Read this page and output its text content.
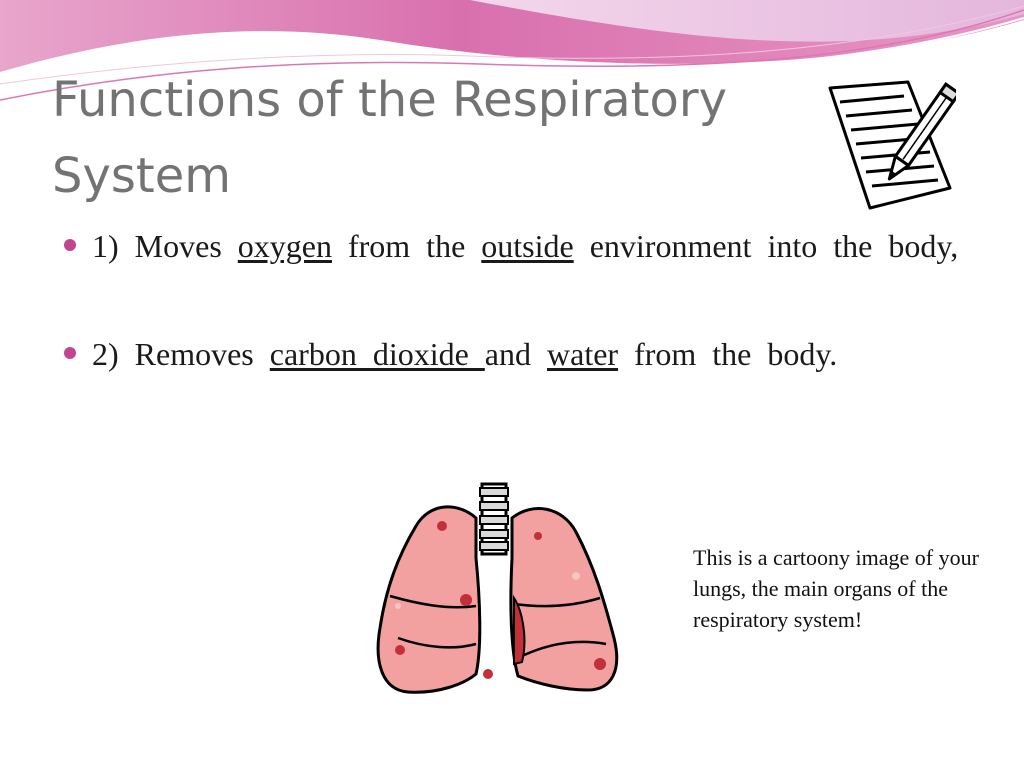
Functions of the Respiratory
System
1) Moves oxygen from the outside environment into the body,
2) Removes carbon dioxide and water from the body.
This is a cartoony image of your lungs, the main organs of the respiratory system!
